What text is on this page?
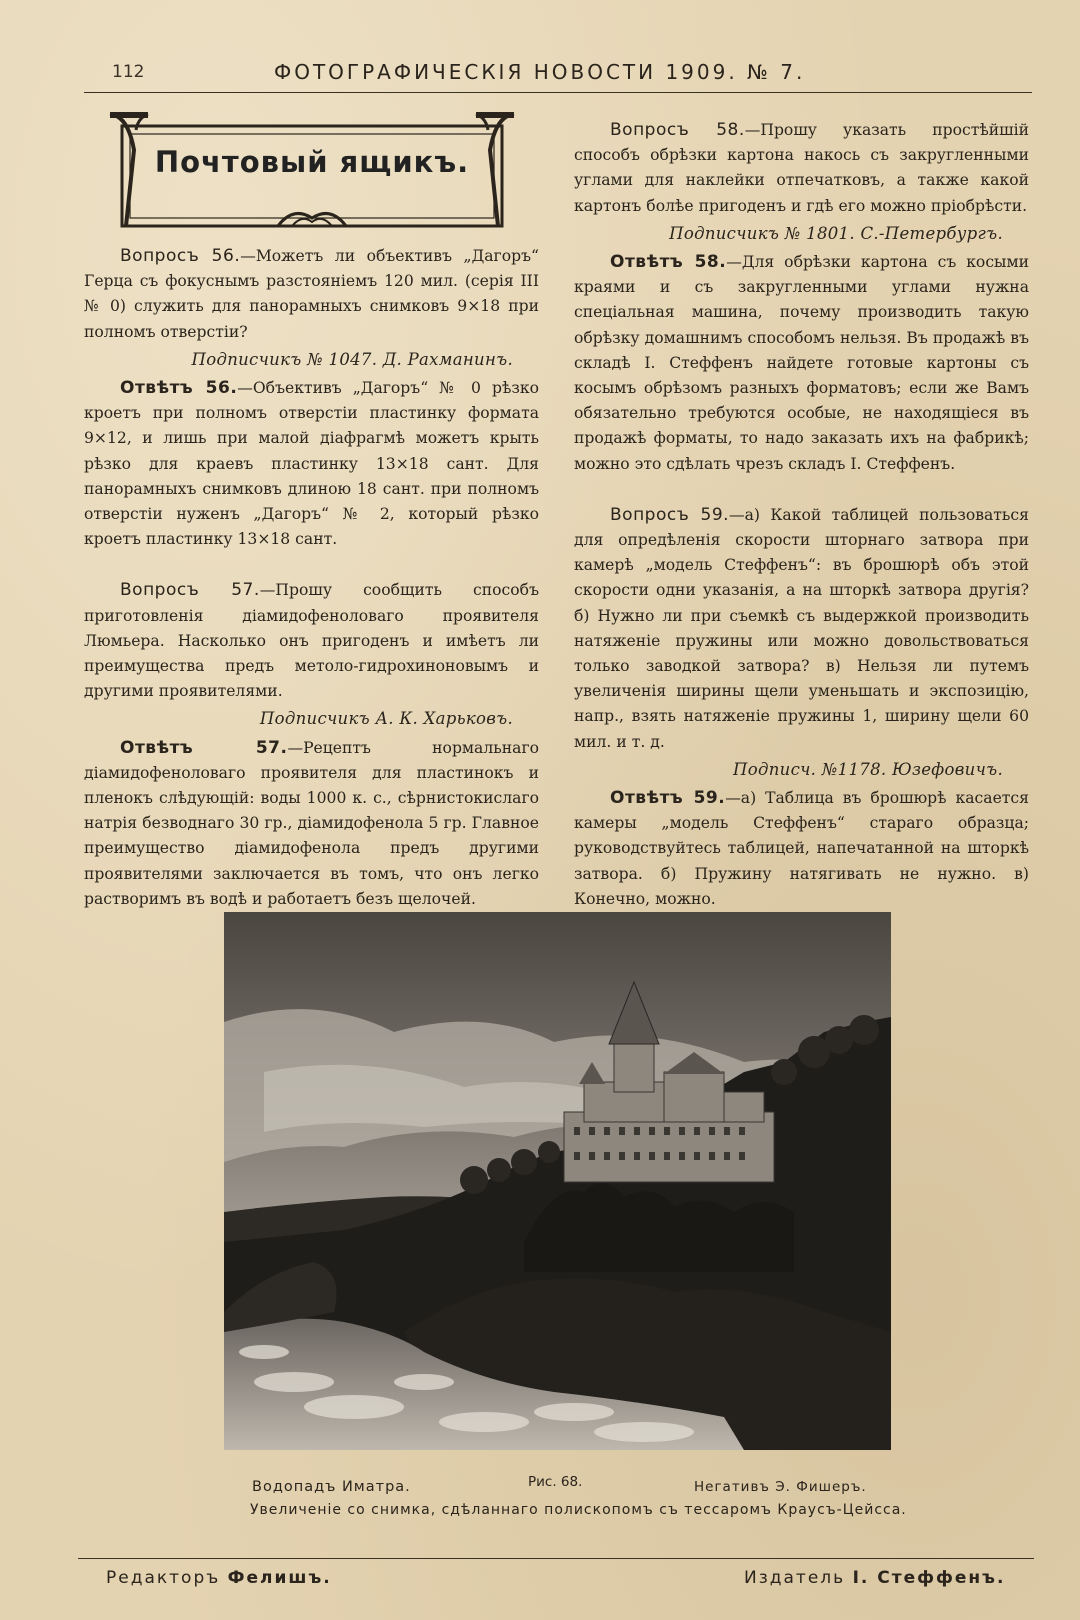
112	ФОТОГРАФИЧЕСКIЯ НОВОСТИ 1909. № 7.
Почтовый ящикъ.

Вопросъ 56.—Можетъ ли объективъ „Дагоръ“ Герца съ фокуснымъ разстоянiемъ 120 мил. (серiя III № 0) служить для панорамныхъ снимковъ 9×18 при полномъ отверстiи?

Подписчикъ № 1047. Д. Рахманинъ.

Отвѣтъ 56.—Объективъ „Дагоръ“ № 0 рѣзко кроетъ при полномъ отверстiи пластинку формата 9×12, и лишь при малой дiафрагмѣ можетъ крыть рѣзко для краевъ пластинку 13×18 сант. Для панорамныхъ снимковъ длиною 18 сант. при полномъ отверстiи нуженъ „Дагоръ“ № 2, который рѣзко кроетъ пластинку 13×18 сант.

Вопросъ 57.—Прошу сообщить способъ приготовленiя дiамидофеноловаго проявителя Люмьера. Насколько онъ пригоденъ и имѣетъ ли преимущества предъ метоло-гидрохиноновымъ и другими проявителями.

Подписчикъ А. К. Харьковъ.

Отвѣтъ 57.—Рецептъ нормальнаго дiамидофеноловаго проявителя для пластинокъ и пленокъ слѣдующiй: воды 1000 к. с., сѣрнистокислаго натрiя безводнаго 30 гр., дiамидофенола 5 гр. Главное преимущество дiамидофенола предъ другими проявителями заключается въ томъ, что онъ легко растворимъ въ водѣ и работаетъ безъ щелочей.

Вопросъ 58.—Прошу указать простѣйшiй способъ обрѣзки картона накось съ закругленными углами для наклейки отпечатковъ, а также какой картонъ болѣе пригоденъ и гдѣ его можно прiобрѣсти.

Подписчикъ № 1801. С.-Петербургъ.

Отвѣтъ 58.—Для обрѣзки картона съ косыми краями и съ закругленными углами нужна спецiальная машина, почему производить такую обрѣзку домашнимъ способомъ нельзя. Въ продажѣ въ складѣ I. Стеффенъ найдете готовые картоны съ косымъ обрѣзомъ разныхъ форматовъ; если же Вамъ обязательно требуются особые, не находящiеся въ продажѣ форматы, то надо заказать ихъ на фабрикѣ; можно это сдѣлать чрезъ складъ I. Стеффенъ.

Вопросъ 59.—а) Какой таблицей пользоваться для опредѣленiя скорости шторнаго затвора при камерѣ „модель Стеффенъ“: въ брошюрѣ объ этой скорости одни указанiя, а на шторкѣ затвора другiя? б) Нужно ли при съемкѣ съ выдержкой производить натяженiе пружины или можно довольствоваться только заводкой затвора? в) Нельзя ли путемъ увеличенiя ширины щели уменьшать и экспозицiю, напр., взять натяженiе пружины 1, ширину щели 60 мил. и т. д.

Подписч. №1178. Юзефовичъ.

Отвѣтъ 59.—а) Таблица въ брошюрѣ касается камеры „модель Стеффенъ“ стараго образца; руководствуйтесь таблицей, напечатанной на шторкѣ затвора. б) Пружину натягивать не нужно. в) Конечно, можно.

Водопадъ Иматра.	Рис. 68.	Негативъ Э. Фишеръ.
Увеличенiе со снимка, сдѣланнаго полископомъ съ тессаромъ Краусъ-Цейсса.
Редакторъ Фелишъ.	Издатель I. Стеффенъ.
